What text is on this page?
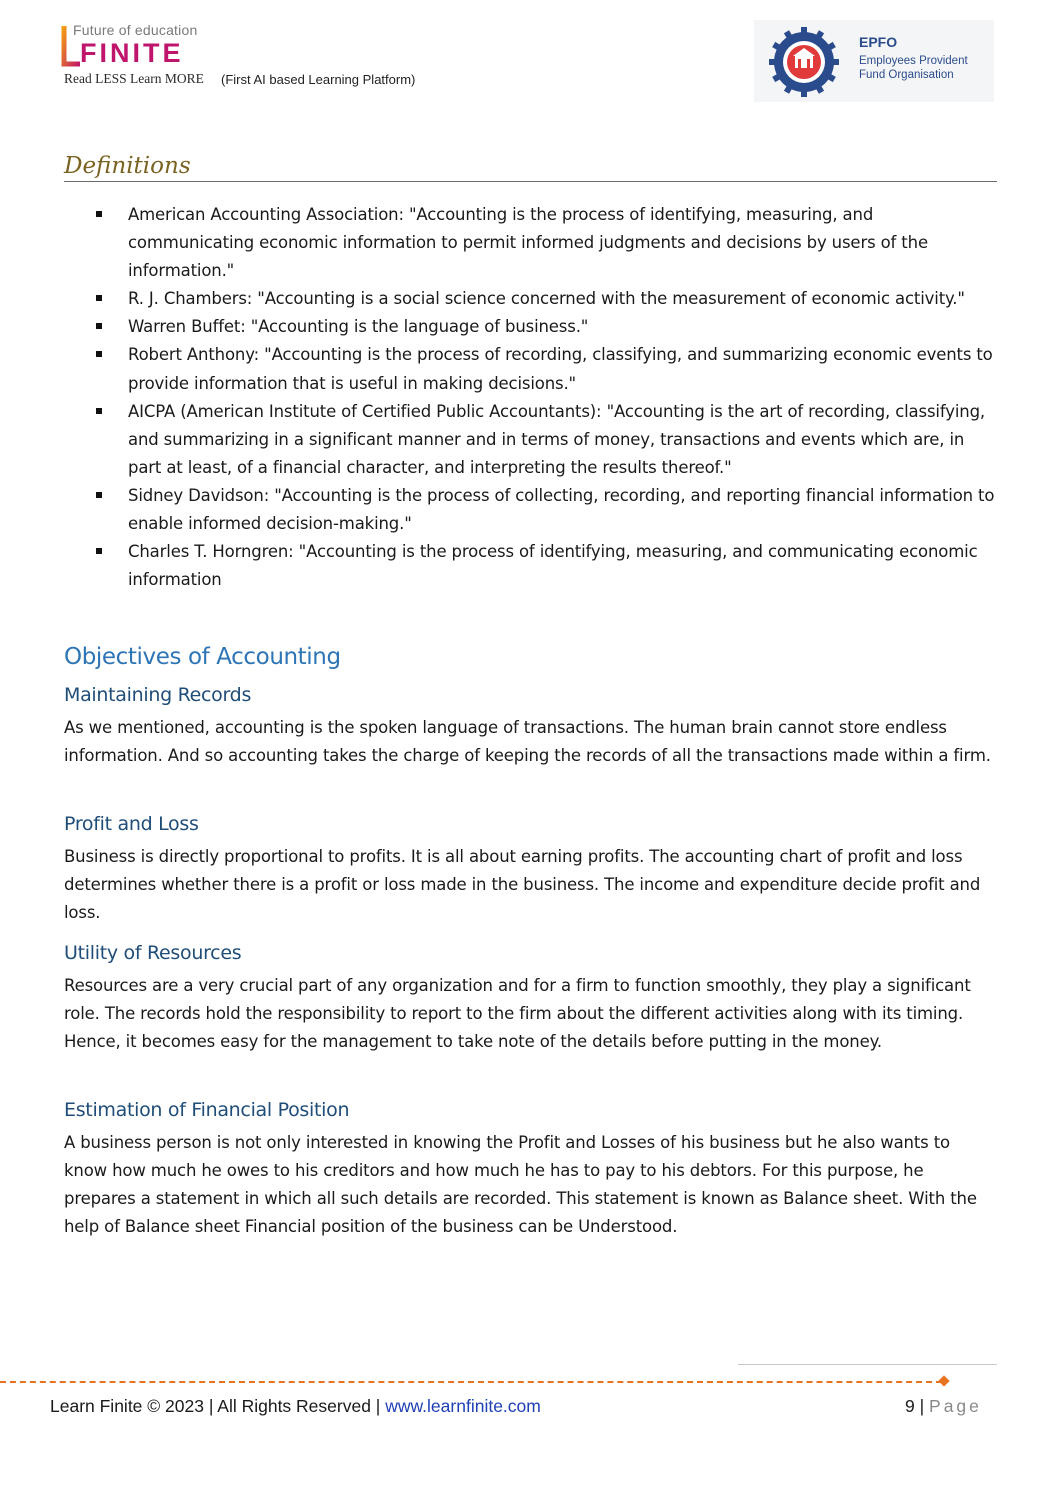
Future of education
FINITE
Read LESS Learn MORE (First AI based Learning Platform)
EPFO
Employees Provident
Fund Organisation
Definitions
American Accounting Association: "Accounting is the process of identifying, measuring, and communicating economic information to permit informed judgments and decisions by users of the information."
R. J. Chambers: "Accounting is a social science concerned with the measurement of economic activity."
Warren Buffet: "Accounting is the language of business."
Robert Anthony: "Accounting is the process of recording, classifying, and summarizing economic events to provide information that is useful in making decisions."
AICPA (American Institute of Certified Public Accountants): "Accounting is the art of recording, classifying, and summarizing in a significant manner and in terms of money, transactions and events which are, in part at least, of a financial character, and interpreting the results thereof."
Sidney Davidson: "Accounting is the process of collecting, recording, and reporting financial information to enable informed decision-making."
Charles T. Horngren: "Accounting is the process of identifying, measuring, and communicating economic information
Objectives of Accounting
Maintaining Records
As we mentioned, accounting is the spoken language of transactions. The human brain cannot store endless information. And so accounting takes the charge of keeping the records of all the transactions made within a firm.
Profit and Loss
Business is directly proportional to profits. It is all about earning profits. The accounting chart of profit and loss determines whether there is a profit or loss made in the business. The income and expenditure decide profit and loss.
Utility of Resources
Resources are a very crucial part of any organization and for a firm to function smoothly, they play a significant role. The records hold the responsibility to report to the firm about the different activities along with its timing. Hence, it becomes easy for the management to take note of the details before putting in the money.
Estimation of Financial Position
A business person is not only interested in knowing the Profit and Losses of his business but he also wants to know how much he owes to his creditors and how much he has to pay to his debtors. For this purpose, he prepares a statement in which all such details are recorded. This statement is known as Balance sheet. With the help of Balance sheet Financial position of the business can be Understood.
Learn Finite © 2023 | All Rights Reserved | www.learnfinite.com	9 | Page
